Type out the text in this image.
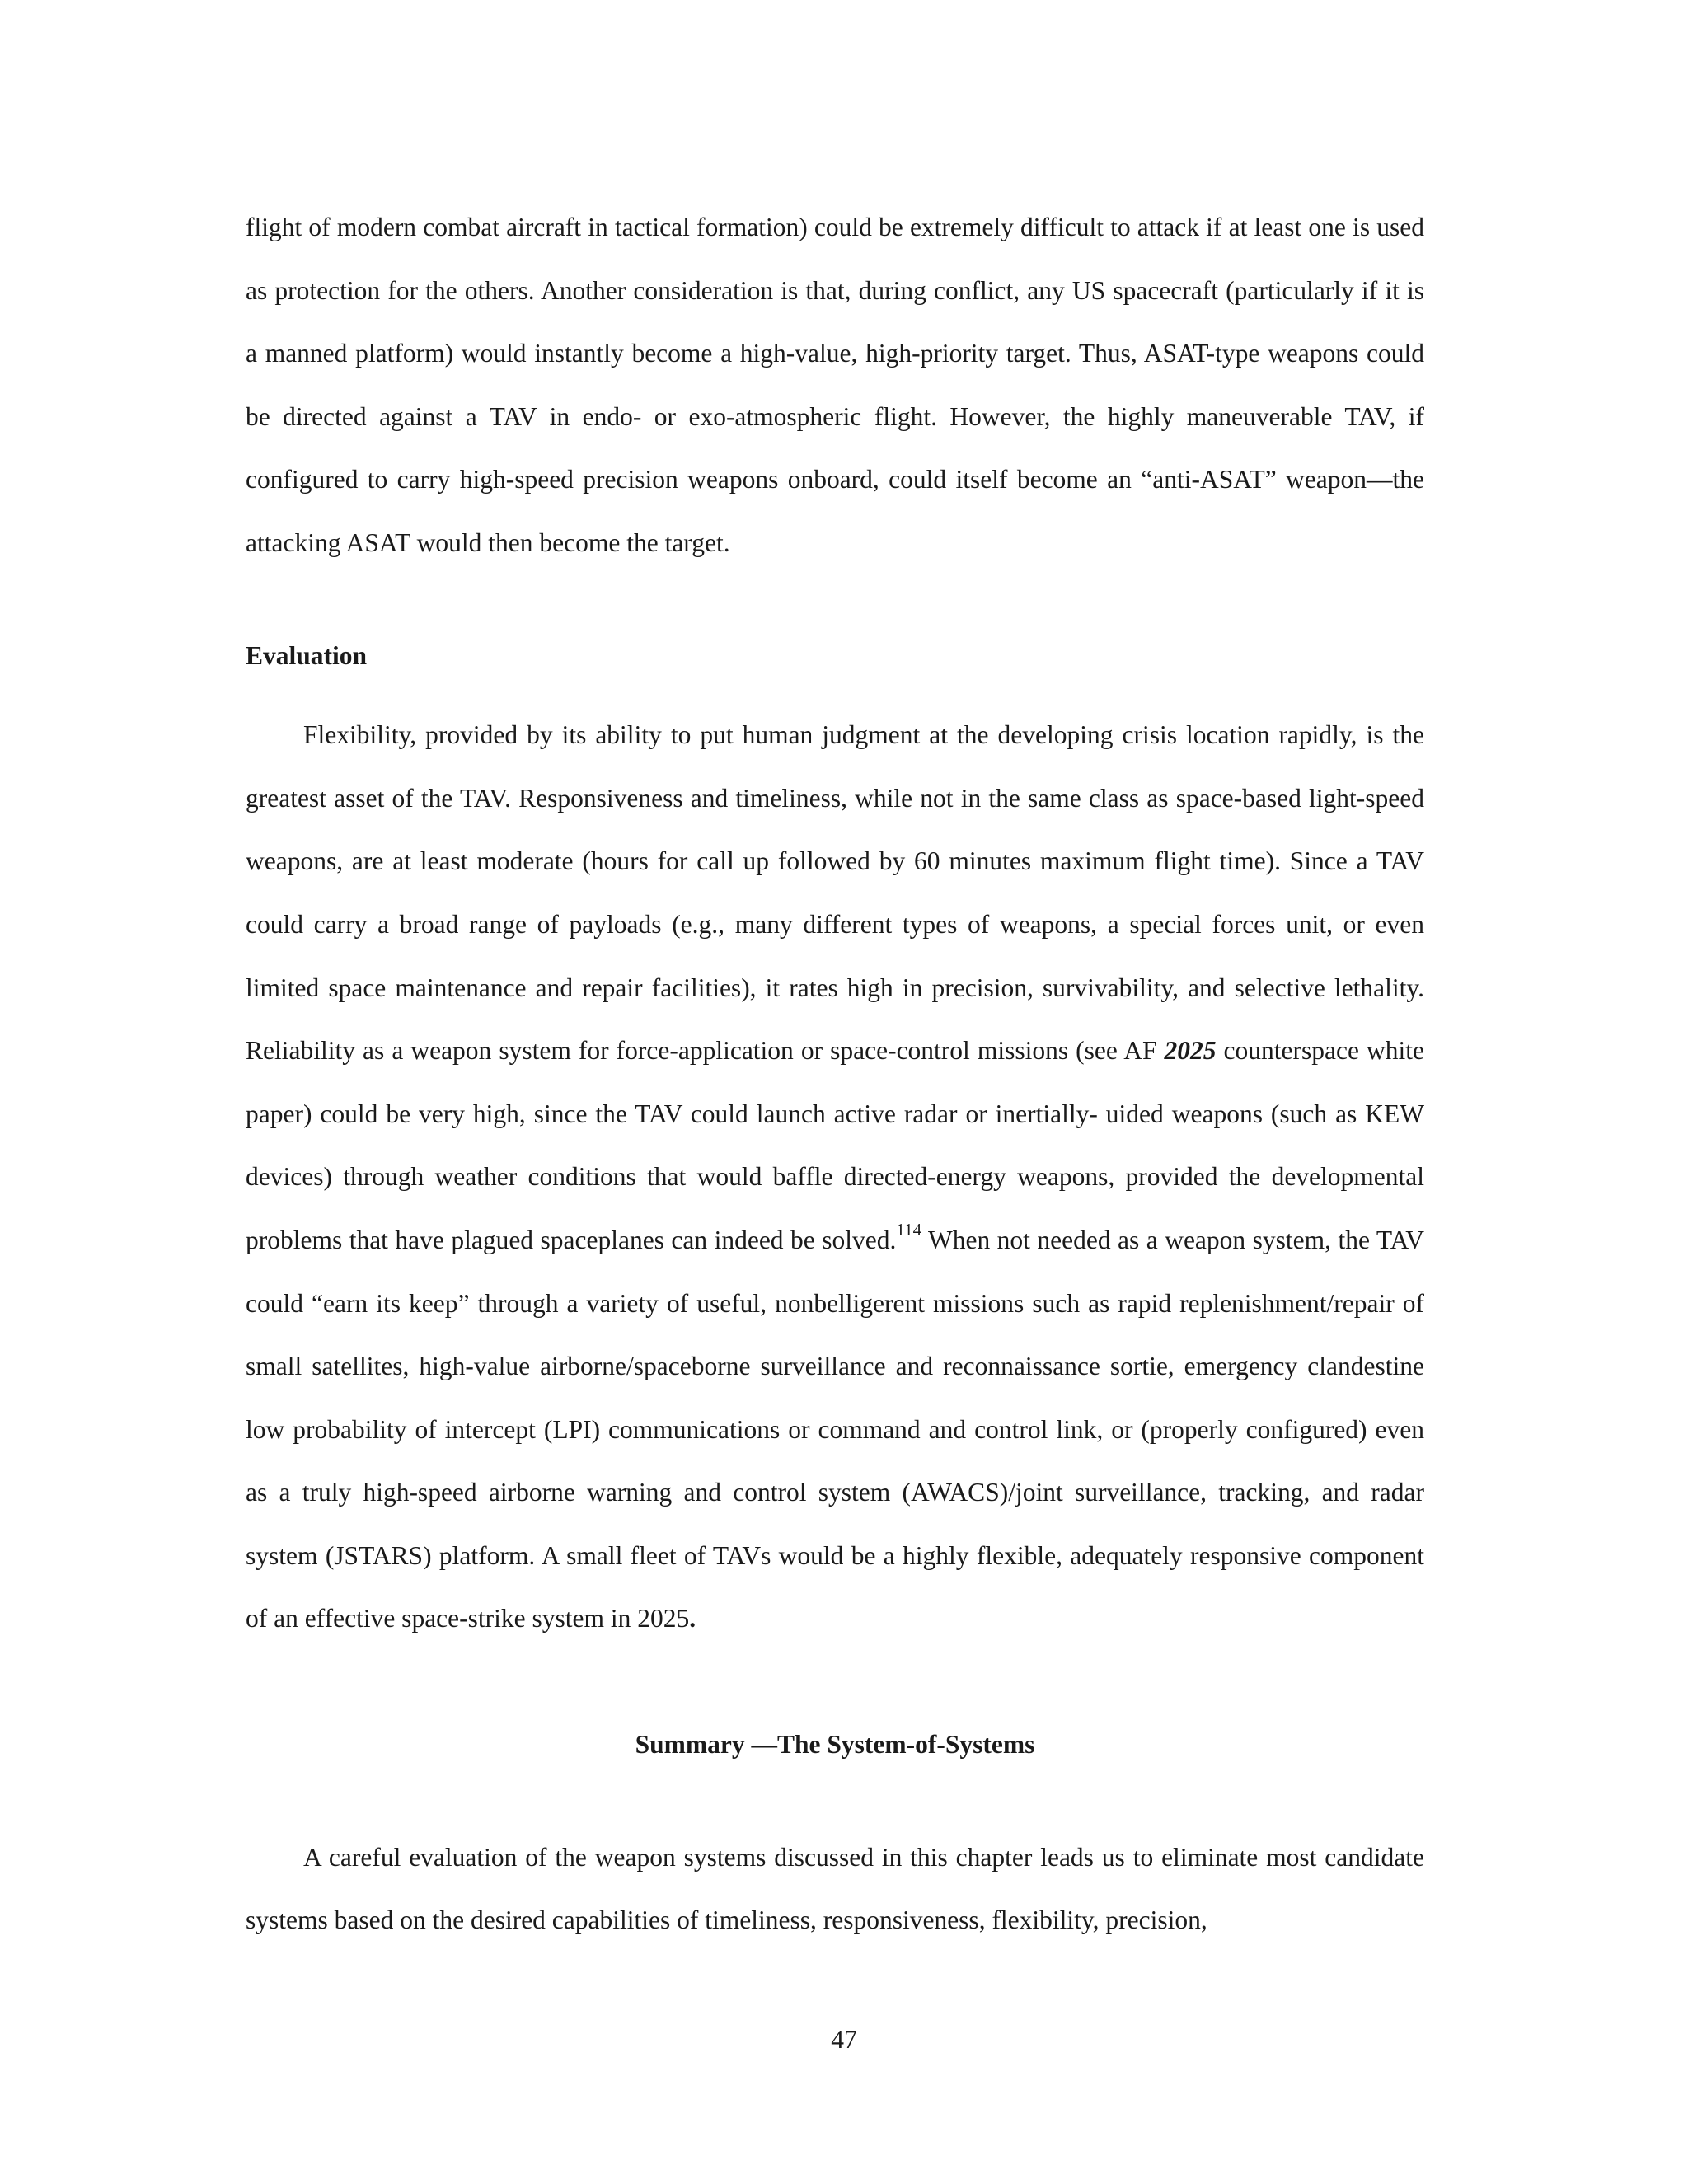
flight of modern combat aircraft in tactical formation) could be extremely difficult to attack if at least one is used as protection for the others. Another consideration is that, during conflict, any US spacecraft (particularly if it is a manned platform) would instantly become a high-value, high-priority target. Thus, ASAT-type weapons could be directed against a TAV in endo- or exo-atmospheric flight. However, the highly maneuverable TAV, if configured to carry high-speed precision weapons onboard, could itself become an “anti-ASAT” weapon—the attacking ASAT would then become the target.

Evaluation

Flexibility, provided by its ability to put human judgment at the developing crisis location rapidly, is the greatest asset of the TAV. Responsiveness and timeliness, while not in the same class as space-based light-speed weapons, are at least moderate (hours for call up followed by 60 minutes maximum flight time). Since a TAV could carry a broad range of payloads (e.g., many different types of weapons, a special forces unit, or even limited space maintenance and repair facilities), it rates high in precision, survivability, and selective lethality. Reliability as a weapon system for force-application or space-control missions (see AF 2025 counterspace white paper) could be very high, since the TAV could launch active radar or inertially- uided weapons (such as KEW devices) through weather conditions that would baffle directed-energy weapons, provided the developmental problems that have plagued spaceplanes can indeed be solved.$^{114}$ When not needed as a weapon system, the TAV could “earn its keep” through a variety of useful, nonbelligerent missions such as rapid replenishment/repair of small satellites, high-value airborne/spaceborne surveillance and reconnaissance sortie, emergency clandestine low probability of intercept (LPI) communications or command and control link, or (properly configured) even as a truly high-speed airborne warning and control system (AWACS)/joint surveillance, tracking, and radar system (JSTARS) platform. A small fleet of TAVs would be a highly flexible, adequately responsive component of an effective space-strike system in 2025.

Summary —The System-of-Systems

A careful evaluation of the weapon systems discussed in this chapter leads us to eliminate most candidate systems based on the desired capabilities of timeliness, responsiveness, flexibility, precision,

47
